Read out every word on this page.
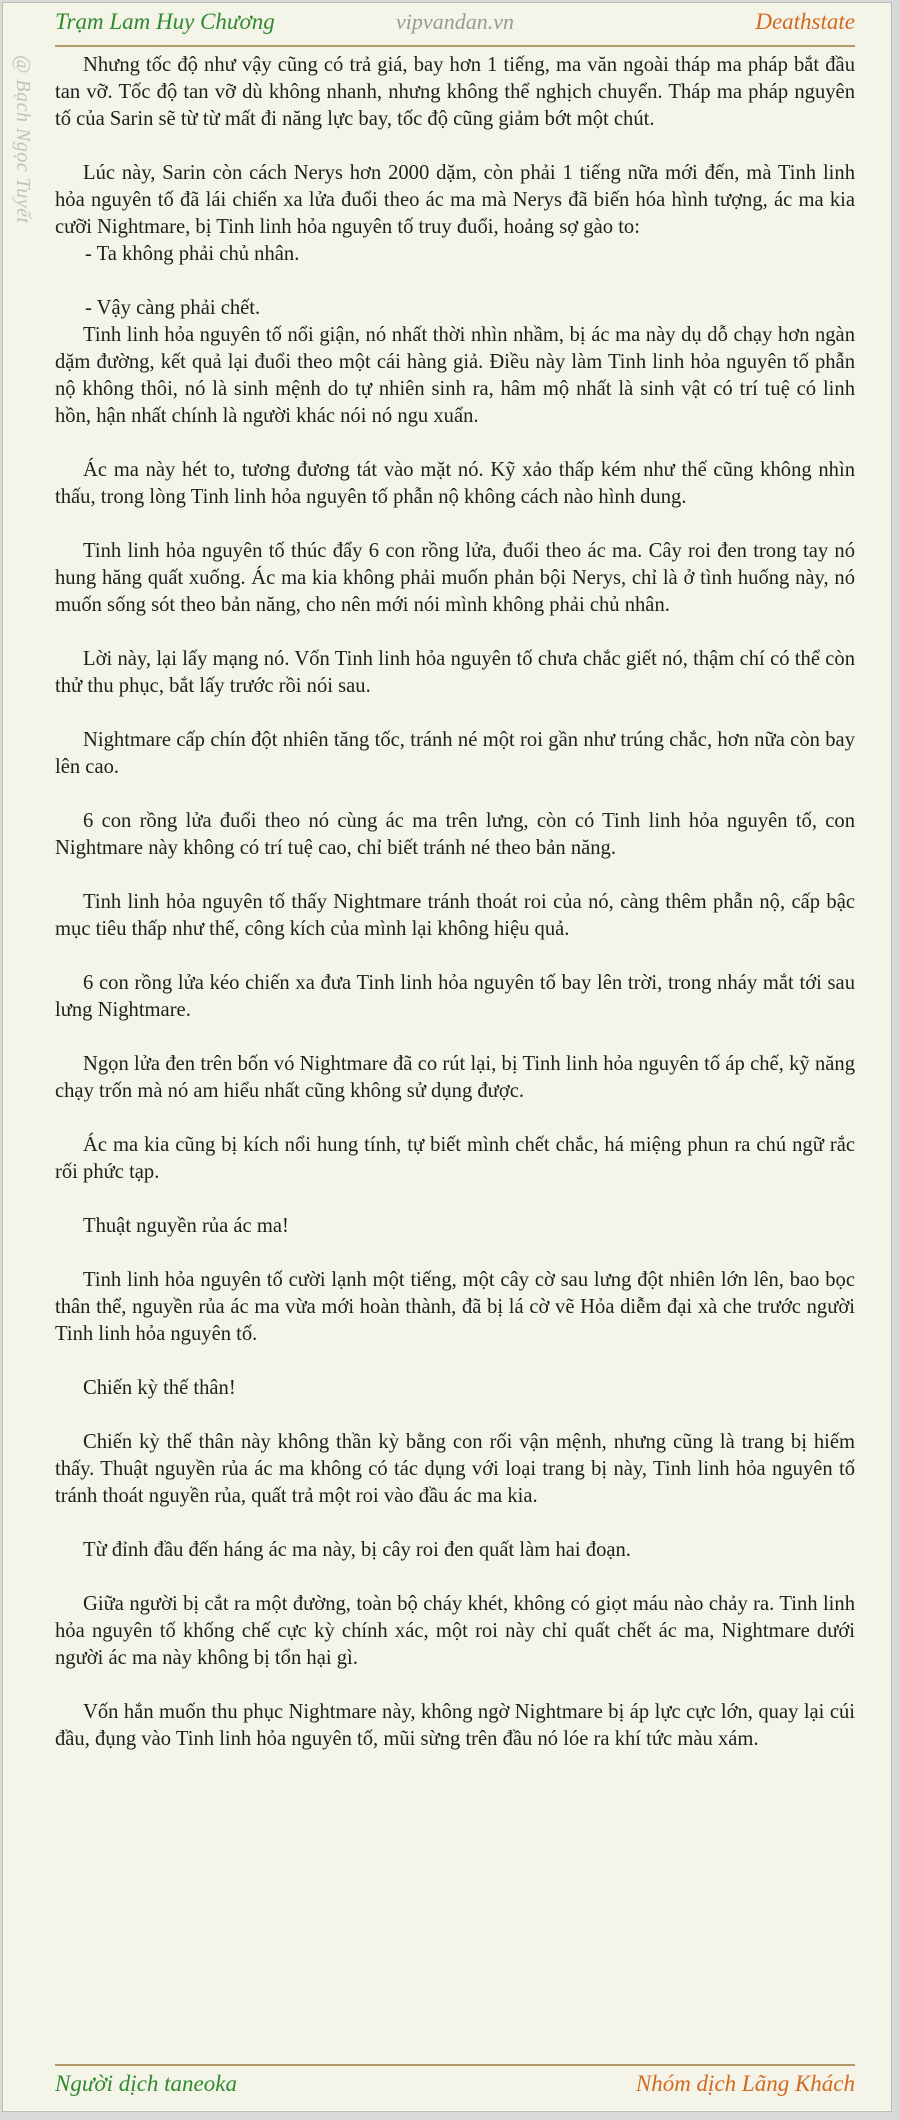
Trạm Lam Huy Chương	vipvandan.vn	Deathstate
@ Bạch Ngọc Tuyết	Nhưng tốc độ như vậy cũng có trả giá, bay hơn 1 tiếng, ma văn ngoài tháp ma pháp bắt đầu tan vỡ. Tốc độ tan vỡ dù không nhanh, nhưng không thể nghịch chuyển. Tháp ma pháp nguyên tố của Sarin sẽ từ từ mất đi năng lực bay, tốc độ cũng giảm bớt một chút.

Lúc này, Sarin còn cách Nerys hơn 2000 dặm, còn phải 1 tiếng nữa mới đến, mà Tinh linh hỏa nguyên tố đã lái chiến xa lửa đuổi theo ác ma mà Nerys đã biến hóa hình tượng, ác ma kia cưỡi Nightmare, bị Tinh linh hỏa nguyên tố truy đuổi, hoảng sợ gào to:

- Ta không phải chủ nhân.

- Vậy càng phải chết.

Tinh linh hỏa nguyên tố nổi giận, nó nhất thời nhìn nhầm, bị ác ma này dụ dỗ chạy hơn ngàn dặm đường, kết quả lại đuổi theo một cái hàng giả. Điều này làm Tinh linh hỏa nguyên tố phẫn nộ không thôi, nó là sinh mệnh do tự nhiên sinh ra, hâm mộ nhất là sinh vật có trí tuệ có linh hồn, hận nhất chính là người khác nói nó ngu xuẩn.

Ác ma này hét to, tương đương tát vào mặt nó. Kỹ xảo thấp kém như thế cũng không nhìn thấu, trong lòng Tinh linh hỏa nguyên tố phẫn nộ không cách nào hình dung.

Tinh linh hỏa nguyên tố thúc đẩy 6 con rồng lửa, đuổi theo ác ma. Cây roi đen trong tay nó hung hăng quất xuống. Ác ma kia không phải muốn phản bội Nerys, chỉ là ở tình huống này, nó muốn sống sót theo bản năng, cho nên mới nói mình không phải chủ nhân.

Lời này, lại lấy mạng nó. Vốn Tinh linh hỏa nguyên tố chưa chắc giết nó, thậm chí có thể còn thử thu phục, bắt lấy trước rồi nói sau.

Nightmare cấp chín đột nhiên tăng tốc, tránh né một roi gần như trúng chắc, hơn nữa còn bay lên cao.

6 con rồng lửa đuổi theo nó cùng ác ma trên lưng, còn có Tinh linh hỏa nguyên tố, con Nightmare này không có trí tuệ cao, chỉ biết tránh né theo bản năng.

Tinh linh hỏa nguyên tố thấy Nightmare tránh thoát roi của nó, càng thêm phẫn nộ, cấp bậc mục tiêu thấp như thế, công kích của mình lại không hiệu quả.

6 con rồng lửa kéo chiến xa đưa Tinh linh hỏa nguyên tố bay lên trời, trong nháy mắt tới sau lưng Nightmare.

Ngọn lửa đen trên bốn vó Nightmare đã co rút lại, bị Tinh linh hỏa nguyên tố áp chế, kỹ năng chạy trốn mà nó am hiểu nhất cũng không sử dụng được.

Ác ma kia cũng bị kích nổi hung tính, tự biết mình chết chắc, há miệng phun ra chú ngữ rắc rối phức tạp.

Thuật nguyền rủa ác ma!

Tinh linh hỏa nguyên tố cười lạnh một tiếng, một cây cờ sau lưng đột nhiên lớn lên, bao bọc thân thể, nguyền rủa ác ma vừa mới hoàn thành, đã bị lá cờ vẽ Hỏa diễm đại xà che trước người Tinh linh hỏa nguyên tố.

Chiến kỳ thế thân!

Chiến kỳ thế thân này không thần kỳ bằng con rối vận mệnh, nhưng cũng là trang bị hiếm thấy. Thuật nguyền rủa ác ma không có tác dụng với loại trang bị này, Tinh linh hỏa nguyên tố tránh thoát nguyền rủa, quất trả một roi vào đầu ác ma kia.

Từ đỉnh đầu đến háng ác ma này, bị cây roi đen quất làm hai đoạn.

Giữa người bị cắt ra một đường, toàn bộ cháy khét, không có giọt máu nào chảy ra. Tinh linh hỏa nguyên tố khống chế cực kỳ chính xác, một roi này chỉ quất chết ác ma, Nightmare dưới người ác ma này không bị tổn hại gì.

Vốn hắn muốn thu phục Nightmare này, không ngờ Nightmare bị áp lực cực lớn, quay lại cúi đầu, đụng vào Tinh linh hỏa nguyên tố, mũi sừng trên đầu nó lóe ra khí tức màu xám.

Người dịch taneoka	Nhóm dịch Lãng Khách
